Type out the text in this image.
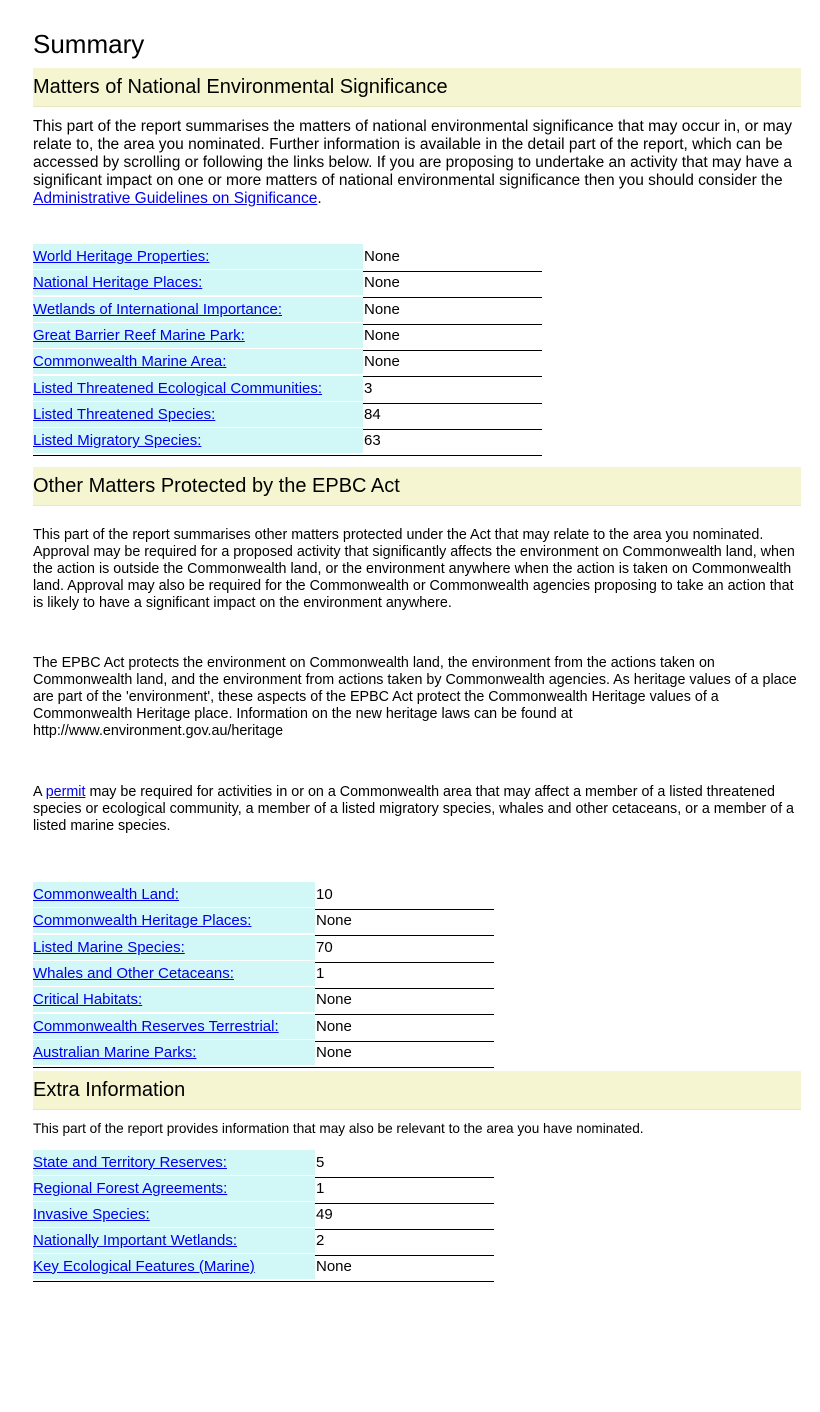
Summary
Matters of National Environmental Significance

This part of the report summarises the matters of national environmental significance that may occur in, or may relate to, the area you nominated. Further information is available in the detail part of the report, which can be accessed by scrolling or following the links below. If you are proposing to undertake an activity that may have a significant impact on one or more matters of national environmental significance then you should consider the Administrative Guidelines on Significance.

World Heritage Properties:	None
National Heritage Places:	None
Wetlands of International Importance:	None
Great Barrier Reef Marine Park:	None
Commonwealth Marine Area:	None
Listed Threatened Ecological Communities:	3
Listed Threatened Species:	84
Listed Migratory Species:	63
Other Matters Protected by the EPBC Act

This part of the report summarises other matters protected under the Act that may relate to the area you nominated. Approval may be required for a proposed activity that significantly affects the environment on Commonwealth land, when the action is outside the Commonwealth land, or the environment anywhere when the action is taken on Commonwealth land. Approval may also be required for the Commonwealth or Commonwealth agencies proposing to take an action that is likely to have a significant impact on the environment anywhere.

The EPBC Act protects the environment on Commonwealth land, the environment from the actions taken on Commonwealth land, and the environment from actions taken by Commonwealth agencies. As heritage values of a place are part of the 'environment', these aspects of the EPBC Act protect the Commonwealth Heritage values of a Commonwealth Heritage place. Information on the new heritage laws can be found at http://www.environment.gov.au/heritage

A permit may be required for activities in or on a Commonwealth area that may affect a member of a listed threatened species or ecological community, a member of a listed migratory species, whales and other cetaceans, or a member of a listed marine species.

Commonwealth Land:	10
Commonwealth Heritage Places:	None
Listed Marine Species:	70
Whales and Other Cetaceans:	1
Critical Habitats:	None
Commonwealth Reserves Terrestrial:	None
Australian Marine Parks:	None
Extra Information

This part of the report provides information that may also be relevant to the area you have nominated.

State and Territory Reserves:	5
Regional Forest Agreements:	1
Invasive Species:	49
Nationally Important Wetlands:	2
Key Ecological Features (Marine)	None
